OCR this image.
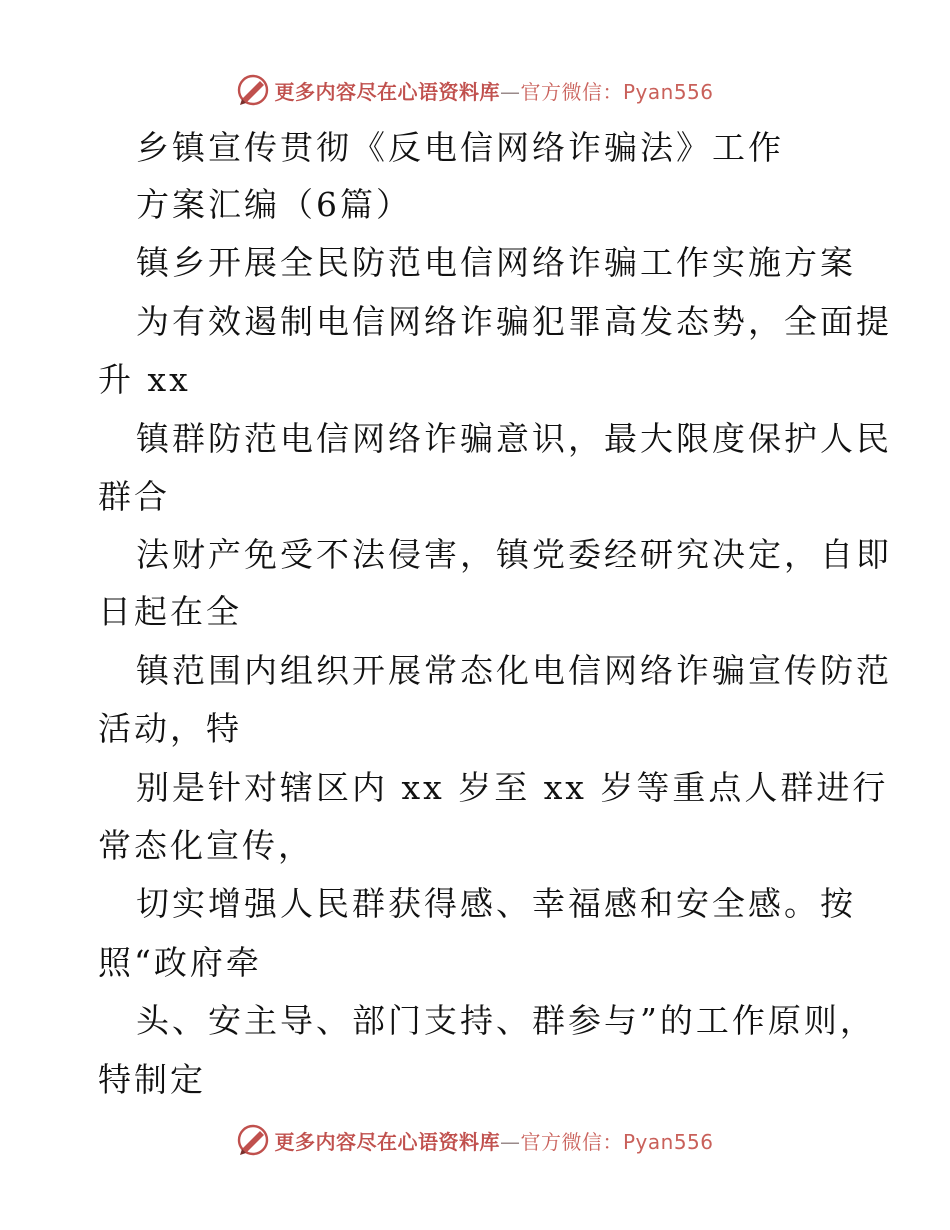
更多内容尽在心语资料库—官方微信：Pyan556
乡镇宣传贯彻《反电信网络诈骗法》工作
方案汇编（6篇）
镇乡开展全民防范电信网络诈骗工作实施方案
为有效遏制电信网络诈骗犯罪高发态势，全面提
升 xx
镇群防范电信网络诈骗意识，最大限度保护人民
群合
法财产免受不法侵害，镇党委经研究决定，自即
日起在全
镇范围内组织开展常态化电信网络诈骗宣传防范
活动，特
别是针对辖区内 xx 岁至 xx 岁等重点人群进行
常态化宣传，
切实增强人民群获得感、幸福感和安全感。按
照“政府牵
头、安主导、部门支持、群参与”的工作原则，
特制定
更多内容尽在心语资料库—官方微信：Pyan556
